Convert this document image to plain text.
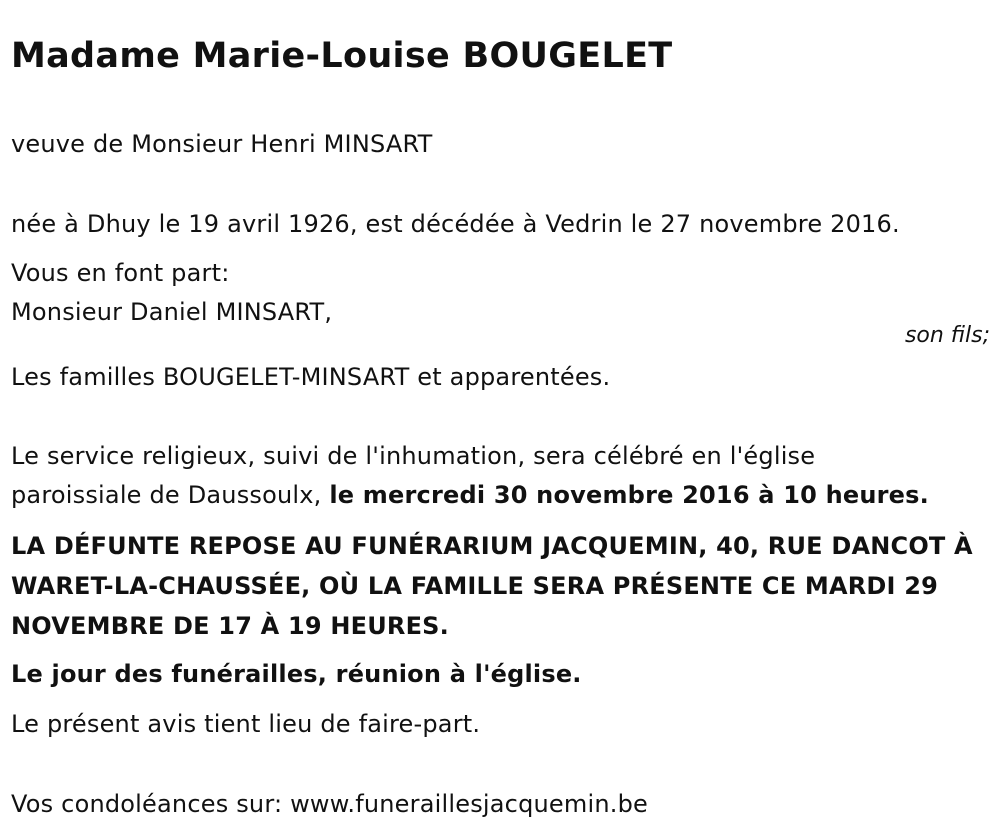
Madame Marie-Louise BOUGELET
veuve de Monsieur Henri MINSART
née à Dhuy le 19 avril 1926, est décédée à Vedrin le 27 novembre 2016.
Vous en font part:
Monsieur Daniel MINSART,
son fils;
Les familles BOUGELET-MINSART et apparentées.
Le service religieux, suivi de l'inhumation, sera célébré en l'église
paroissiale de Daussoulx, le mercredi 30 novembre 2016 à 10 heures.
LA DÉFUNTE REPOSE AU FUNÉRARIUM JACQUEMIN, 40, RUE DANCOT À
WARET-LA-CHAUSSÉE, OÙ LA FAMILLE SERA PRÉSENTE CE MARDI 29
NOVEMBRE DE 17 À 19 HEURES.
Le jour des funérailles, réunion à l'église.
Le présent avis tient lieu de faire-part.
Vos condoléances sur: www.funeraillesjacquemin.be
